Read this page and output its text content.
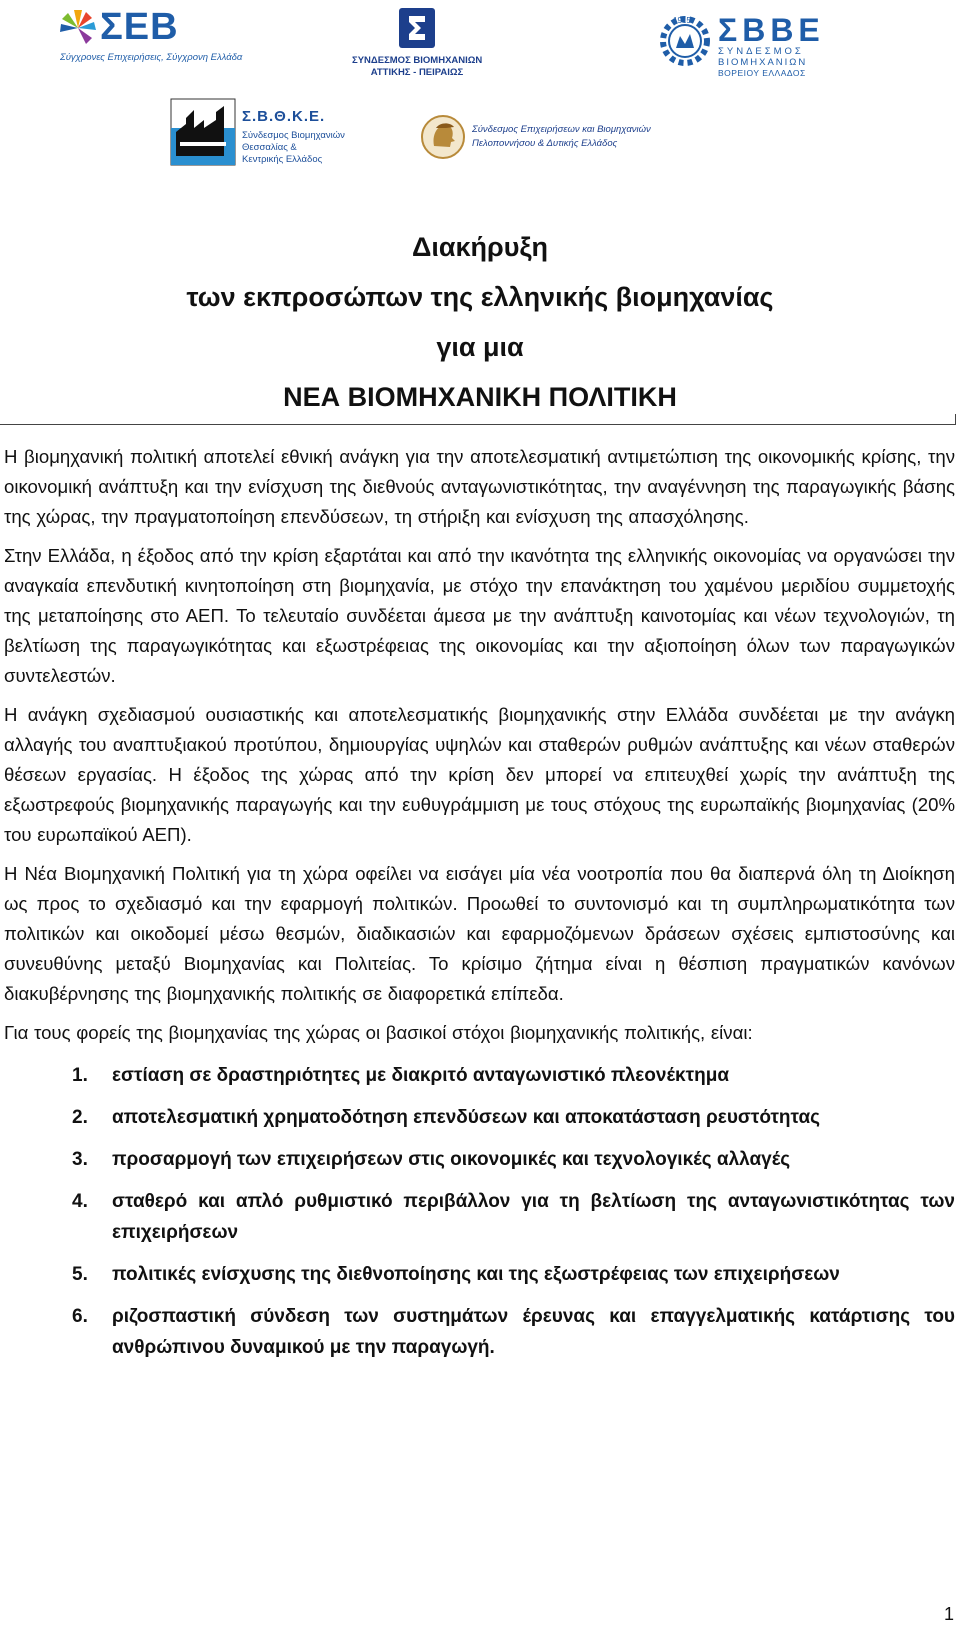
ΣΕΒ
Σύγχρονες Επιχειρήσεις, Σύγχρονη Ελλάδα	ΣΥΝΔΕΣΜΟΣ ΒΙΟΜΗΧΑΝΙΩΝ
ΑΤΤΙΚΗΣ - ΠΕΙΡΑΙΩΣ
1915 ΣΒΒΕ
ΣΥΝΔΕΣΜΟΣ
ΒΙΟΜΗΧΑΝΙΩΝ
ΒΟΡΕΙΟΥ ΕΛΛΑΔΟΣ
Σ.Β.Θ.Κ.Ε.
Σύνδεσμος Βιομηχανιών
Θεσσαλίας &
Κεντρικής Ελλάδος
Σύνδεσμος Επιχειρήσεων και Βιομηχανιών
Πελοποννήσου & Δυτικής Ελλάδος
Διακήρυξη
των εκπροσώπων της ελληνικής βιομηχανίας
για μια
ΝΕΑ ΒΙΟΜΗΧΑΝΙΚΗ ΠΟΛΙΤΙΚΗ

Η βιομηχανική πολιτική αποτελεί εθνική ανάγκη για την αποτελεσματική αντιμετώπιση της οικονομικής κρίσης, την οικονομική ανάπτυξη και την ενίσχυση της διεθνούς ανταγωνιστικότητας, την αναγέννηση της παραγωγικής βάσης της χώρας, την πραγματοποίηση επενδύσεων, τη στήριξη και ενίσχυση της απασχόλησης.

Στην Ελλάδα, η έξοδος από την κρίση εξαρτάται και από την ικανότητα της ελληνικής οικονομίας να οργανώσει την αναγκαία επενδυτική κινητοποίηση στη βιομηχανία, με στόχο την επανάκτηση του χαμένου μεριδίου συμμετοχής της μεταποίησης στο ΑΕΠ. Το τελευταίο συνδέεται άμεσα με την ανάπτυξη καινοτομίας και νέων τεχνολογιών, τη βελτίωση της παραγωγικότητας και εξωστρέφειας της οικονομίας και την αξιοποίηση όλων των παραγωγικών συντελεστών.

Η ανάγκη σχεδιασμού ουσιαστικής και αποτελεσματικής βιομηχανικής στην Ελλάδα συνδέεται με την ανάγκη αλλαγής του αναπτυξιακού προτύπου, δημιουργίας υψηλών και σταθερών ρυθμών ανάπτυξης και νέων σταθερών θέσεων εργασίας. Η έξοδος της χώρας από την κρίση δεν μπορεί να επιτευχθεί χωρίς την ανάπτυξη της εξωστρεφούς βιομηχανικής παραγωγής και την ευθυγράμμιση με τους στόχους της ευρωπαϊκής βιομηχανίας (20% του ευρωπαϊκού ΑΕΠ).

Η Νέα Βιομηχανική Πολιτική για τη χώρα οφείλει να εισάγει μία νέα νοοτροπία που θα διαπερνά όλη τη Διοίκηση ως προς το σχεδιασμό και την εφαρμογή πολιτικών. Προωθεί το συντονισμό και τη συμπληρωματικότητα των πολιτικών και οικοδομεί μέσω θεσμών, διαδικασιών και εφαρμοζόμενων δράσεων σχέσεις εμπιστοσύνης και συνευθύνης μεταξύ Βιομηχανίας και Πολιτείας. Το κρίσιμο ζήτημα είναι η θέσπιση πραγματικών κανόνων διακυβέρνησης της βιομηχανικής πολιτικής σε διαφορετικά επίπεδα.

Για τους φορείς της βιομηχανίας της χώρας οι βασικοί στόχοι βιομηχανικής πολιτικής, είναι:

1. εστίαση σε δραστηριότητες με διακριτό ανταγωνιστικό πλεονέκτημα
2. αποτελεσματική χρηματοδότηση επενδύσεων και αποκατάσταση ρευστότητας
3. προσαρμογή των επιχειρήσεων στις οικονομικές και τεχνολογικές αλλαγές
4. σταθερό και απλό ρυθμιστικό περιβάλλον για τη βελτίωση της ανταγωνιστικότητας των επιχειρήσεων
5. πολιτικές ενίσχυσης της διεθνοποίησης και της εξωστρέφειας των επιχειρήσεων
6. ριζοσπαστική σύνδεση των συστημάτων έρευνας και επαγγελματικής κατάρτισης του ανθρώπινου δυναμικού με την παραγωγή.
1
